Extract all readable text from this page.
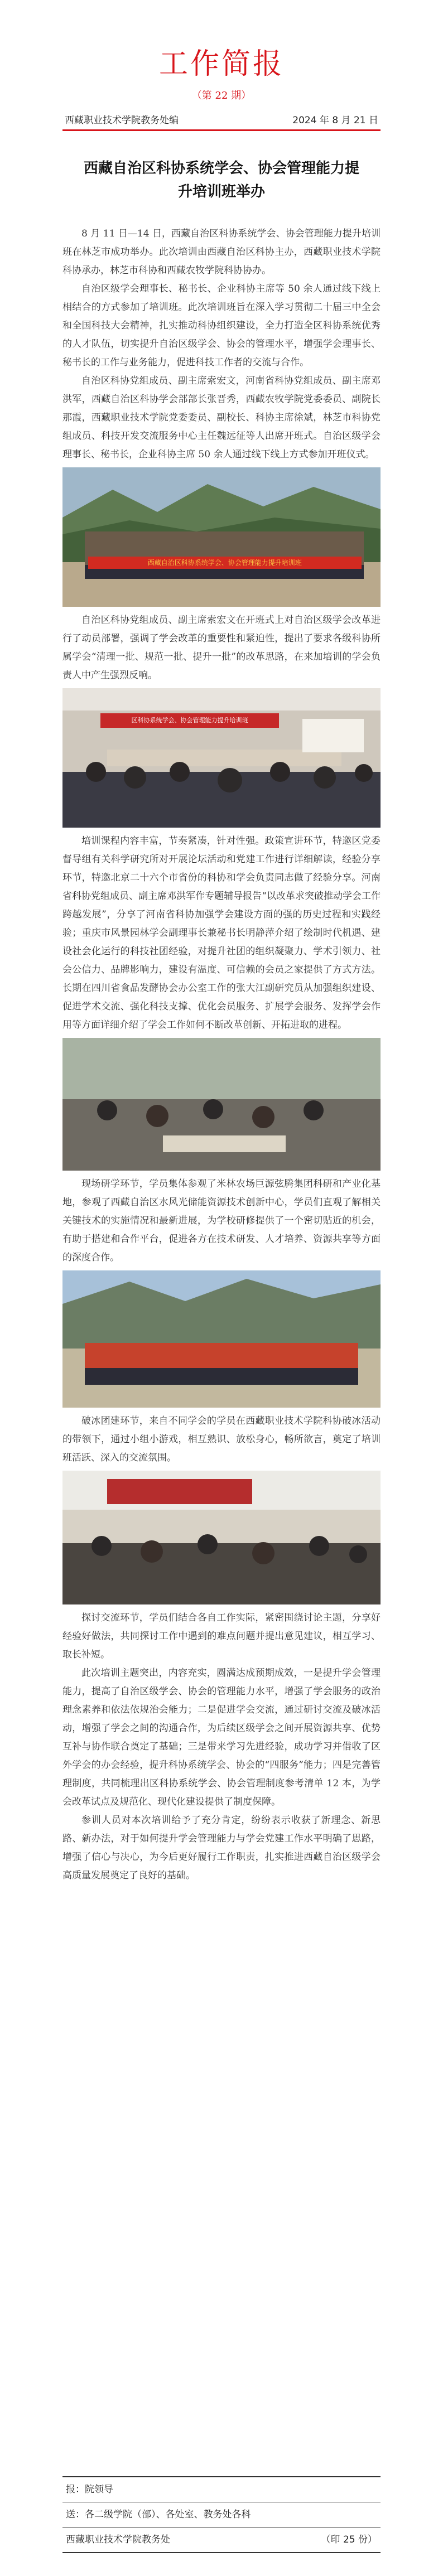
工作简报
（第 22 期）
西藏职业技术学院教务处编	2024 年 8 月 21 日
西藏自治区科协系统学会、协会管理能力提
升培训班举办

8 月 11 日—14 日，西藏自治区科协系统学会、协会管理能力提升培训班在林芝市成功举办。此次培训由西藏自治区科协主办，西藏职业技术学院科协承办，林芝市科协和西藏农牧学院科协协办。

自治区级学会理事长、秘书长、企业科协主席等 50 余人通过线下线上相结合的方式参加了培训班。此次培训班旨在深入学习贯彻二十届三中全会和全国科技大会精神，扎实推动科协组织建设，全力打造全区科协系统优秀的人才队伍，切实提升自治区级学会、协会的管理水平，增强学会理事长、秘书长的工作与业务能力，促进科技工作者的交流与合作。

自治区科协党组成员、副主席索宏文，河南省科协党组成员、副主席邓洪军，西藏自治区科协学会部部长张晋秀，西藏农牧学院党委委员、副院长那霞，西藏职业技术学院党委委员、副校长、科协主席徐斌，林芝市科协党组成员、科技开发交流服务中心主任魏远征等人出席开班式。自治区级学会理事长、秘书长，企业科协主席 50 余人通过线下线上方式参加开班仪式。

西藏自治区科协系统学会、协会管理能力提升培训班

自治区科协党组成员、副主席索宏文在开班式上对自治区级学会改革进行了动员部署，强调了学会改革的重要性和紧迫性，提出了要求各级科协所属学会“清理一批、规范一批、提升一批”的改革思路，在来加培训的学会负责人中产生强烈反响。

区科协系统学会、协会管理能力提升培训班

培训课程内容丰富，节奏紧凑，针对性强。政策宣讲环节，特邀区党委督导组有关科学研究所对开展论坛活动和党建工作进行详细解读，经验分享环节，特邀北京二十六个市省份的科协和学会负责同志做了经验分享。河南省科协党组成员、副主席邓洪军作专题辅导报告“以改革求突破推动学会工作跨越发展”，分享了河南省科协加强学会建设方面的强的历史过程和实践经验；重庆市风景园林学会副理事长兼秘书长明静萍介绍了绘制时代机遇、建设社会化运行的科技社团经验，对提升社团的组织凝聚力、学术引领力、社会公信力、品牌影响力，建设有温度、可信赖的会员之家提供了方式方法。长期在四川省食品发酵协会办公室工作的张大江副研究员从加强组织建设、促进学术交流、强化科技支撑、优化会员服务、扩展学会服务、发挥学会作用等方面详细介绍了学会工作如何不断改革创新、开拓进取的进程。

现场研学环节，学员集体参观了米林农场巨源弦腾集团科研和产业化基地，参观了西藏自治区水风光储能资源技术创新中心，学员们直观了解相关关键技术的实施情况和最新进展，为学校研修提供了一个密切贴近的机会，有助于搭建和合作平台，促进各方在技术研发、人才培养、资源共享等方面的深度合作。

破冰团建环节，来自不同学会的学员在西藏职业技术学院科协破冰活动的带领下，通过小组小游戏，相互熟识、放松身心，畅所欲言，奠定了培训班活跃、深入的交流氛围。

探讨交流环节，学员们结合各自工作实际，紧密围绕讨论主题，分享好经验好做法，共同探讨工作中遇到的难点问题并提出意见建议，相互学习、取长补短。

此次培训主题突出，内容充实，圆满达成预期成效，一是提升学会管理能力，提高了自治区级学会、协会的管理能力水平，增强了学会服务的政治理念素养和依法依规治会能力；二是促进学会交流，通过研讨交流及破冰活动，增强了学会之间的沟通合作，为后续区级学会之间开展资源共享、优势互补与协作联合奠定了基础；三是带来学习先进经验，成功学习并借收了区外学会的办会经验，提升科协系统学会、协会的“四服务”能力；四是完善管理制度，共同梳理出区科协系统学会、协会管理制度参考清单 12 本，为学会改革试点及规范化、现代化建设提供了制度保障。

参训人员对本次培训给予了充分肯定，纷纷表示收获了新理念、新思路、新办法，对于如何提升学会管理能力与学会党建工作水平明确了思路，增强了信心与决心，为今后更好履行工作职责，扎实推进西藏自治区级学会高质量发展奠定了良好的基础。

报：院领导
送：各二级学院（部）、各处室、教务处各科
西藏职业技术学院教务处	（印 25 份）
